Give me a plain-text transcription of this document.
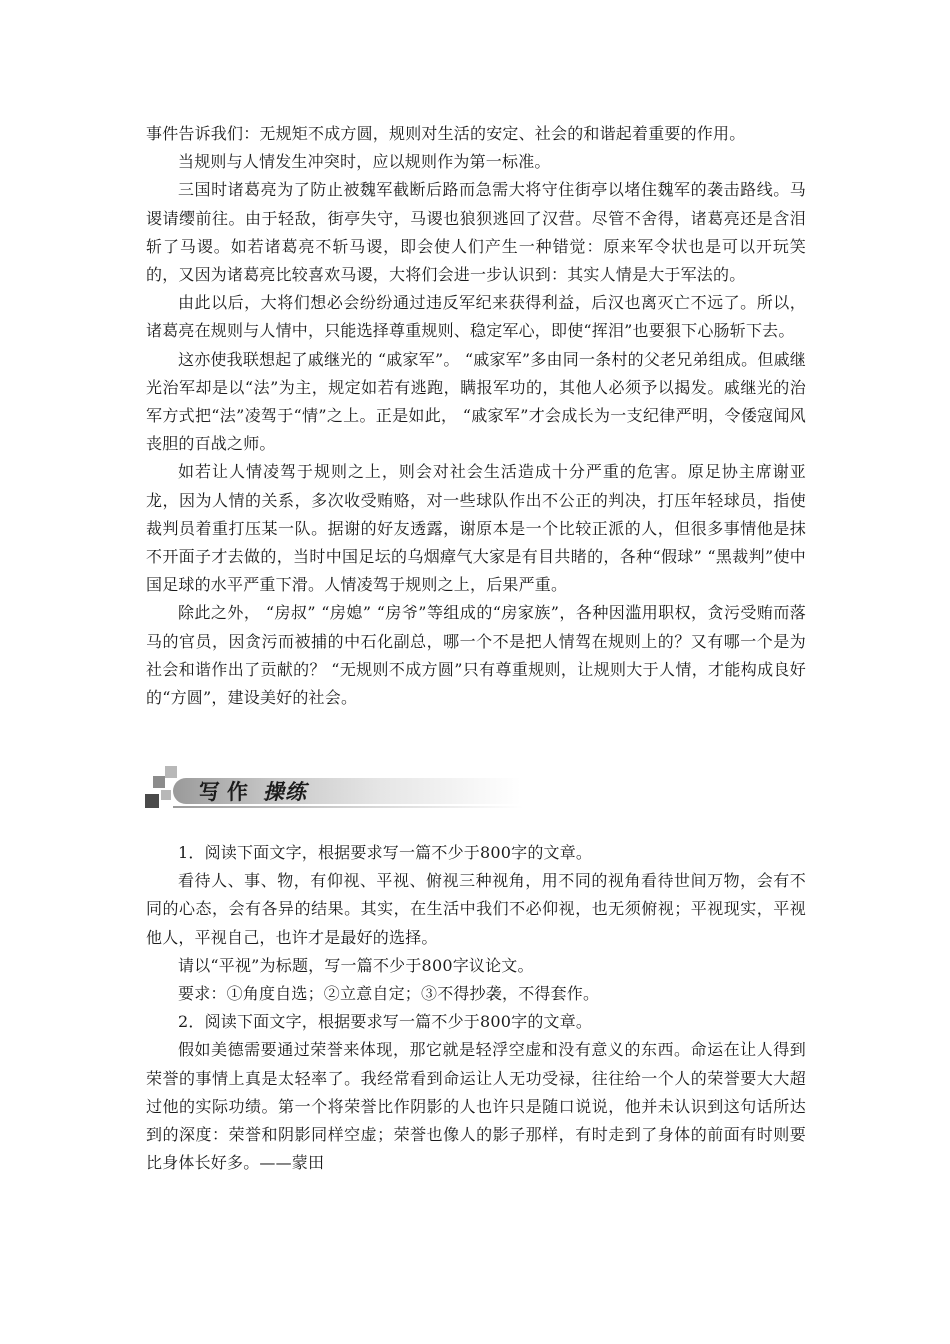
事件告诉我们：无规矩不成方圆，规则对生活的安定、社会的和谐起着重要的作用。

当规则与人情发生冲突时，应以规则作为第一标准。

三国时诸葛亮为了防止被魏军截断后路而急需大将守住街亭以堵住魏军的袭击路线。马谡请缨前往。由于轻敌，街亭失守，马谡也狼狈逃回了汉营。尽管不舍得，诸葛亮还是含泪斩了马谡。如若诸葛亮不斩马谡，即会使人们产生一种错觉：原来军令状也是可以开玩笑的，又因为诸葛亮比较喜欢马谡，大将们会进一步认识到：其实人情是大于军法的。

由此以后，大将们想必会纷纷通过违反军纪来获得利益，后汉也离灭亡不远了。所以，诸葛亮在规则与人情中，只能选择尊重规则、稳定军心，即使“挥泪”也要狠下心肠斩下去。

这亦使我联想起了戚继光的 “戚家军”。 “戚家军”多由同一条村的父老兄弟组成。但戚继光治军却是以“法”为主，规定如若有逃跑，瞒报军功的，其他人必须予以揭发。戚继光的治军方式把“法”凌驾于“情”之上。正是如此， “戚家军”才会成长为一支纪律严明，令倭寇闻风丧胆的百战之师。

如若让人情凌驾于规则之上，则会对社会生活造成十分严重的危害。原足协主席谢亚龙，因为人情的关系，多次收受贿赂，对一些球队作出不公正的判决，打压年轻球员，指使裁判员着重打压某一队。据谢的好友透露，谢原本是一个比较正派的人，但很多事情他是抹不开面子才去做的，当时中国足坛的乌烟瘴气大家是有目共睹的，各种“假球” “黑裁判”使中国足球的水平严重下滑。人情凌驾于规则之上，后果严重。

除此之外， “房叔” “房媳” “房爷”等组成的“房家族”，各种因滥用职权，贪污受贿而落马的官员，因贪污而被捕的中石化副总，哪一个不是把人情驾在规则上的？又有哪一个是为社会和谐作出了贡献的？ “无规则不成方圆”只有尊重规则，让规则大于人情，才能构成良好的“方圆”，建设美好的社会。

写 作 操练

1．阅读下面文字，根据要求写一篇不少于800字的文章。

看待人、事、物，有仰视、平视、俯视三种视角，用不同的视角看待世间万物，会有不同的心态，会有各异的结果。其实，在生活中我们不必仰视，也无须俯视；平视现实，平视他人，平视自己，也许才是最好的选择。

请以“平视”为标题，写一篇不少于800字议论文。

要求：①角度自选；②立意自定；③不得抄袭，不得套作。

2．阅读下面文字，根据要求写一篇不少于800字的文章。

假如美德需要通过荣誉来体现，那它就是轻浮空虚和没有意义的东西。命运在让人得到荣誉的事情上真是太轻率了。我经常看到命运让人无功受禄，往往给一个人的荣誉要大大超过他的实际功绩。第一个将荣誉比作阴影的人也许只是随口说说，他并未认识到这句话所达到的深度：荣誉和阴影同样空虚；荣誉也像人的影子那样，有时走到了身体的前面有时则要比身体长好多。——蒙田
